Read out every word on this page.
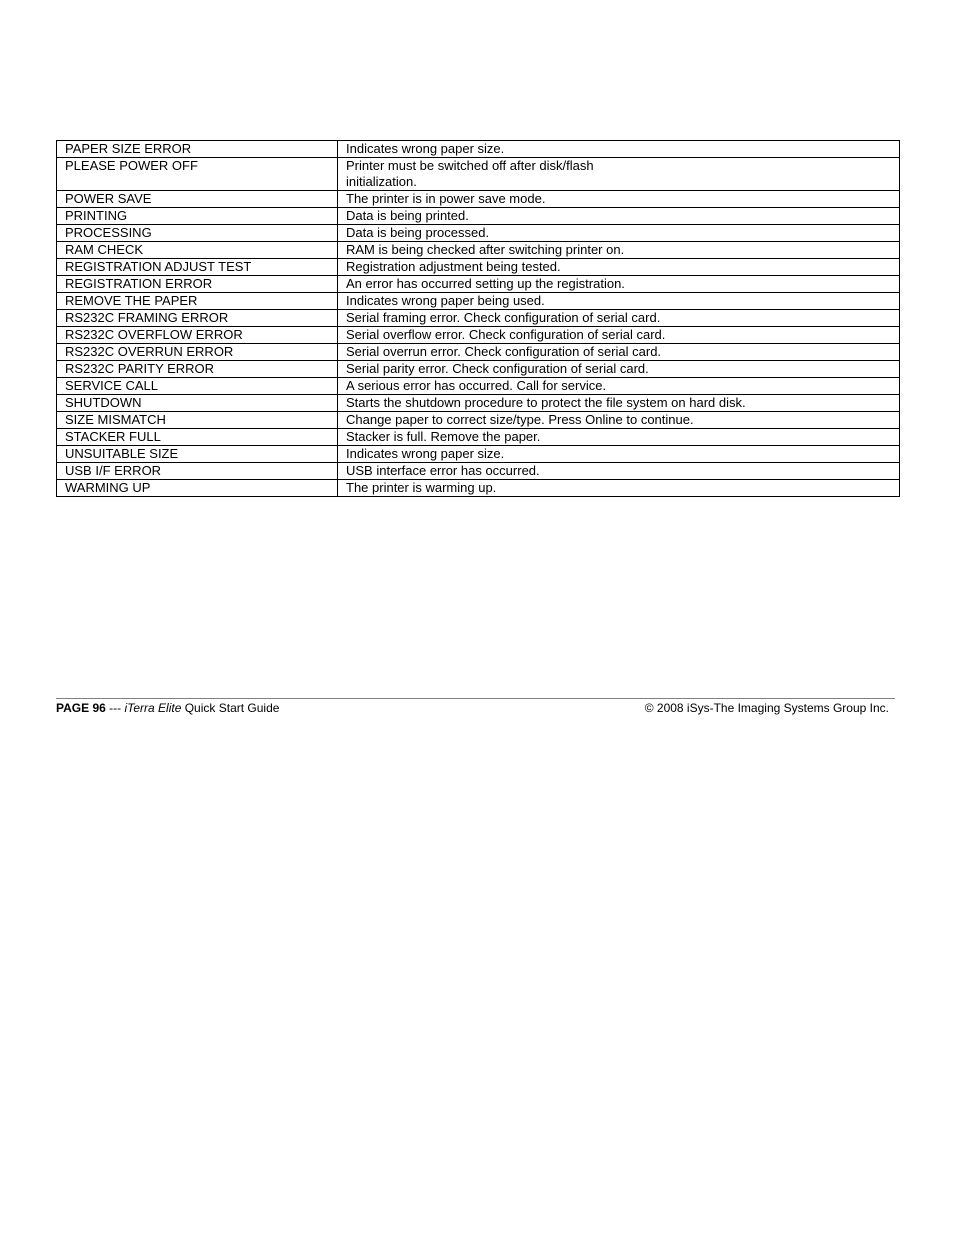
PAPER SIZE ERROR	Indicates wrong paper size.
PLEASE POWER OFF	Printer must be switched off after disk/flash
initialization.

POWER SAVE	The printer is in power save mode.
PRINTING	Data is being printed.
PROCESSING	Data is being processed.
RAM CHECK	RAM is being checked after switching printer on.
REGISTRATION ADJUST TEST	Registration adjustment being tested.
REGISTRATION ERROR	An error has occurred setting up the registration.
REMOVE THE PAPER	Indicates wrong paper being used.
RS232C FRAMING ERROR	Serial framing error. Check configuration of serial card.
RS232C OVERFLOW ERROR	Serial overflow error. Check configuration of serial card.
RS232C OVERRUN ERROR	Serial overrun error. Check configuration of serial card.
RS232C PARITY ERROR	Serial parity error. Check configuration of serial card.
SERVICE CALL	A serious error has occurred. Call for service.
SHUTDOWN	Starts the shutdown procedure to protect the file system on hard disk.
SIZE MISMATCH	Change paper to correct size/type. Press Online to continue.
STACKER FULL	Stacker is full. Remove the paper.
UNSUITABLE SIZE	Indicates wrong paper size.
USB I/F ERROR	USB interface error has occurred.
WARMING UP	The printer is warming up.
PAGE 96 --- iTerra Elite Quick Start Guide	© 2008 iSys-The Imaging Systems Group Inc.
